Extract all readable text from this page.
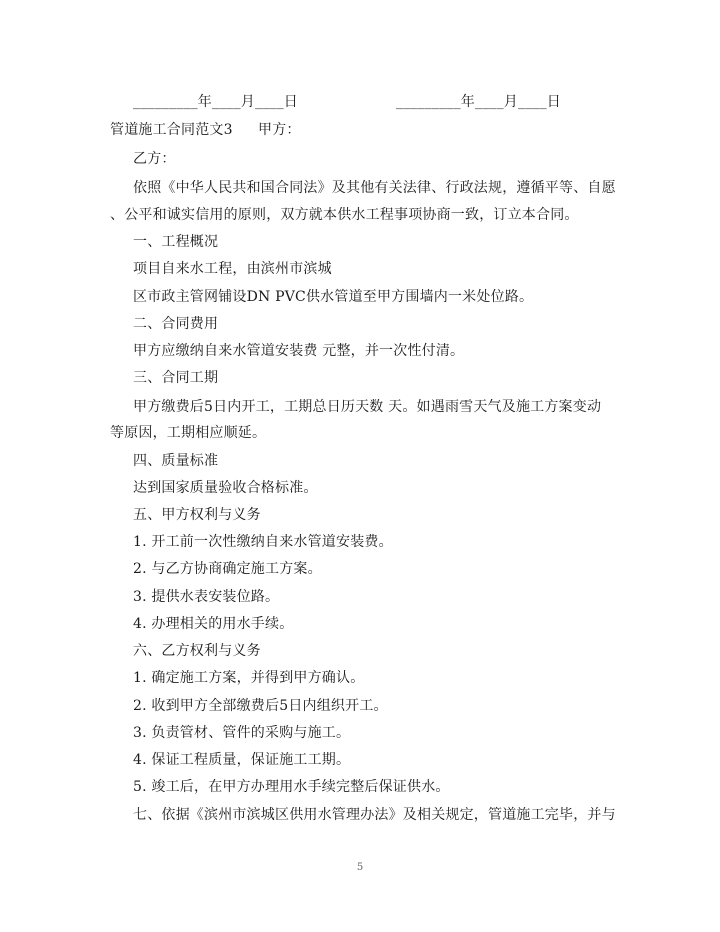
_________年____月____日	_________年____月____日
管道施工合同范文3 甲方：
乙方：
依照《中华人民共和国合同法》及其他有关法律、行政法规，遵循平等、自愿
、公平和诚实信用的原则，双方就本供水工程事项协商一致，订立本合同。
一、工程概况
项目自来水工程，由滨州市滨城
区市政主管网铺设DN PVC供水管道至甲方围墙内一米处位路。
二、合同费用
甲方应缴纳自来水管道安装费 元整，并一次性付清。
三、合同工期
甲方缴费后5日内开工，工期总日历天数 天。如遇雨雪天气及施工方案变动
等原因，工期相应顺延。
四、质量标准
达到国家质量验收合格标准。
五、甲方权利与义务
1. 开工前一次性缴纳自来水管道安装费。
2. 与乙方协商确定施工方案。
3. 提供水表安装位路。
4. 办理相关的用水手续。
六、乙方权利与义务
1. 确定施工方案，并得到甲方确认。
2. 收到甲方全部缴费后5日内组织开工。
3. 负责管材、管件的采购与施工。
4. 保证工程质量，保证施工工期。
5. 竣工后，在甲方办理用水手续完整后保证供水。
七、依据《滨州市滨城区供用水管理办法》及相关规定，管道施工完毕，并与
5
